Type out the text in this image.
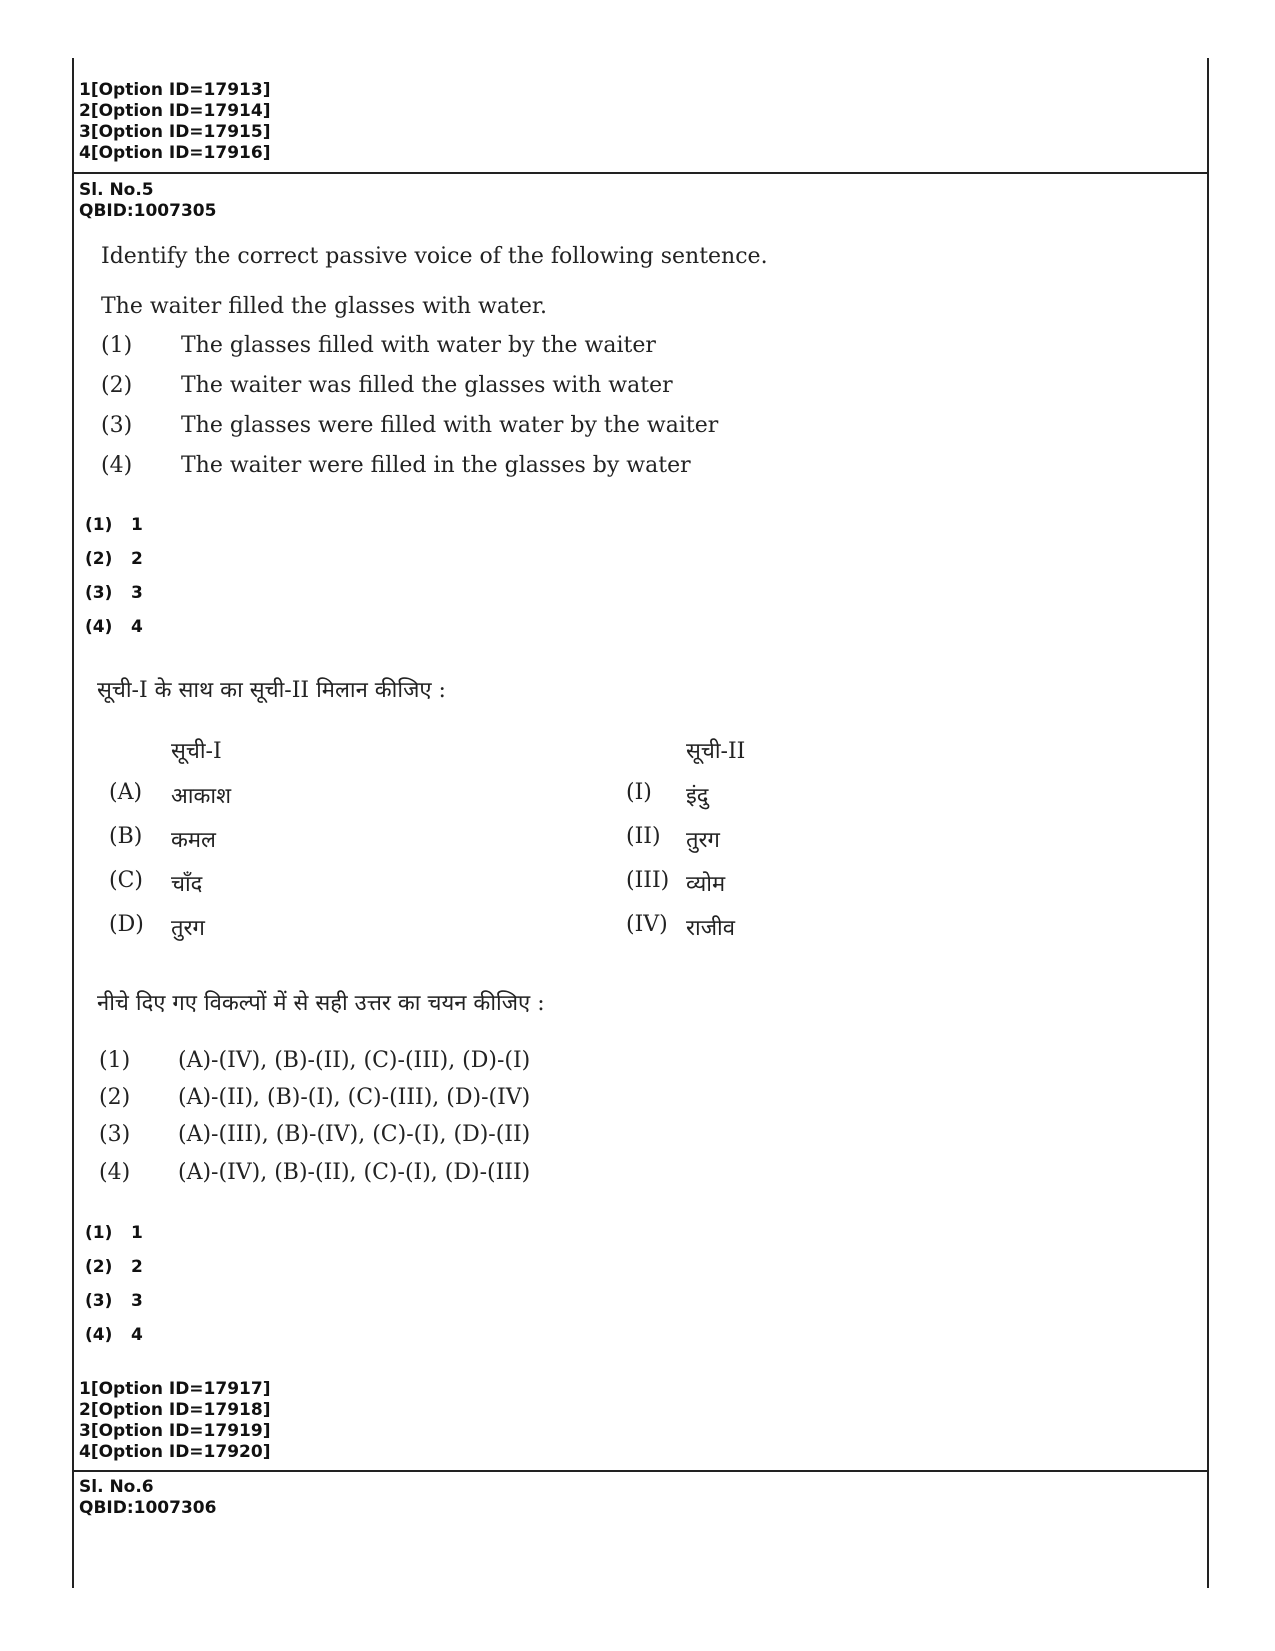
1[Option ID=17913]
2[Option ID=17914]
3[Option ID=17915]
4[Option ID=17916]
Sl. No.5
QBID:1007305
Identify the correct passive voice of the following sentence.
The waiter filled the glasses with water.
(1) The glasses filled with water by the waiter
(2) The waiter was filled the glasses with water
(3) The glasses were filled with water by the waiter
(4) The waiter were filled in the glasses by water
(1) 1
(2) 2
(3) 3
(4) 4
सूची-I के साथ का सूची-II मिलान कीजिए :
सूची-I	सूची-II
(A) आकाश	(I) इंदु
(B) कमल	(II) तुरग
(C) चाँद	(III) व्योम
(D) तुरग	(IV) राजीव
नीचे दिए गए विकल्पों में से सही उत्तर का चयन कीजिए :
(1) (A)-(IV), (B)-(II), (C)-(III), (D)-(I)
(2) (A)-(II), (B)-(I), (C)-(III), (D)-(IV)
(3) (A)-(III), (B)-(IV), (C)-(I), (D)-(II)
(4) (A)-(IV), (B)-(II), (C)-(I), (D)-(III)
(1) 1
(2) 2
(3) 3
(4) 4
1[Option ID=17917]
2[Option ID=17918]
3[Option ID=17919]
4[Option ID=17920]
Sl. No.6
QBID:1007306
